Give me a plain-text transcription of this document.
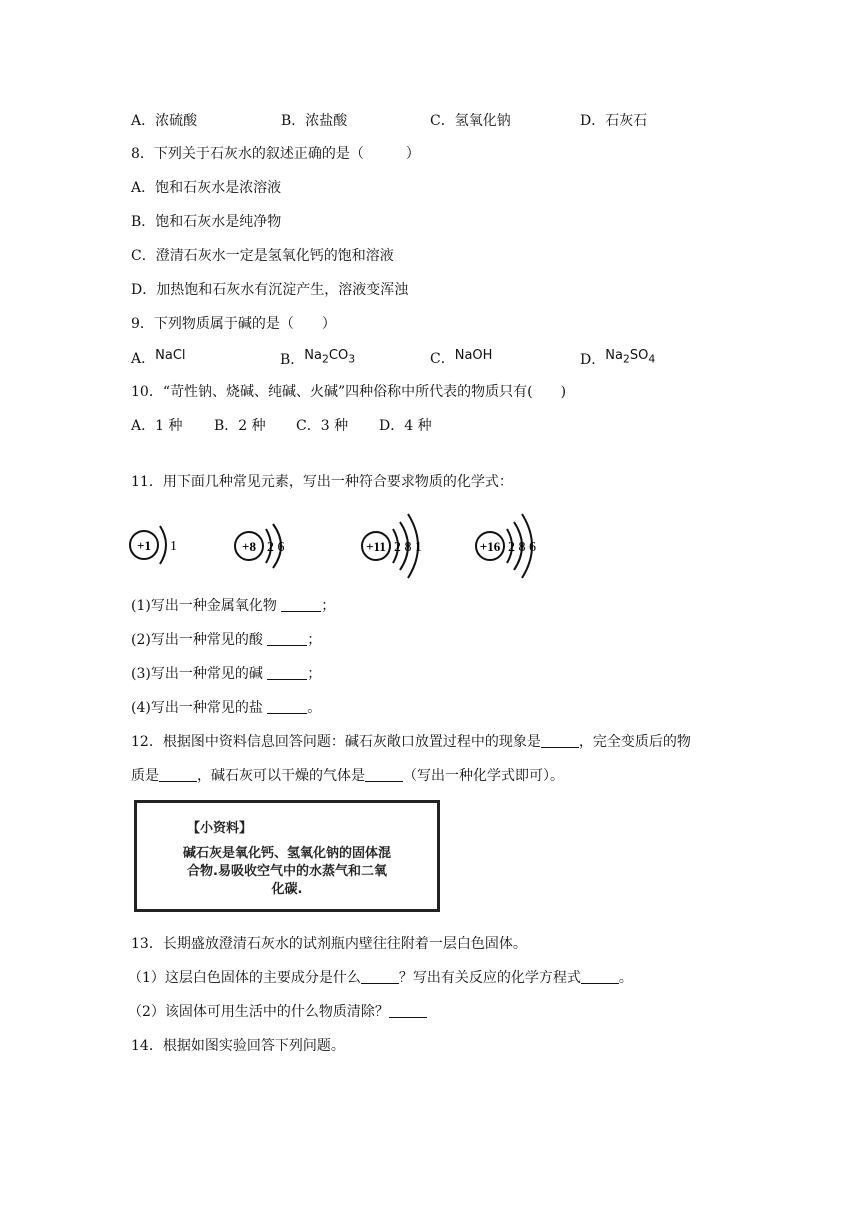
A．浓硫酸	B．浓盐酸	C．氢氧化钠	D．石灰石
8．下列关于石灰水的叙述正确的是（　　　）
A．饱和石灰水是浓溶液
B．饱和石灰水是纯净物
C．澄清石灰水一定是氢氧化钙的饱和溶液
D．加热饱和石灰水有沉淀产生，溶液变浑浊
9．下列物质属于碱的是（　　）
A．NaCl	B．$Na_2CO_3$	C．NaOH	D．$Na_2SO_4$
10．“苛性钠、烧碱、纯碱、火碱”四种俗称中所代表的物质只有(　　)
A．1 种 B．2 种 C．3 种 D．4 种
11．用下面几种常见元素，写出一种符合要求物质的化学式：
+1 1	+8 2 6	+11 2 8 1	+16 2 8 6
(1)写出一种金属氧化物	；
(2)写出一种常见的酸	；
(3)写出一种常见的碱	；
(4)写出一种常见的盐	。
12．根据图中资料信息回答问题：碱石灰敞口放置过程中的现象是	，完全变质后的物
质是	，碱石灰可以干燥的气体是	（写出一种化学式即可）。
【小资料】
碱石灰是氧化钙、氢氧化钠的固体混
合物.易吸收空气中的水蒸气和二氧
化碳.
13．长期盛放澄清石灰水的试剂瓶内壁往往附着一层白色固体。
（1）这层白色固体的主要成分是什么	？写出有关反应的化学方程式	。
（2）该固体可用生活中的什么物质清除？
14．根据如图实验回答下列问题。
